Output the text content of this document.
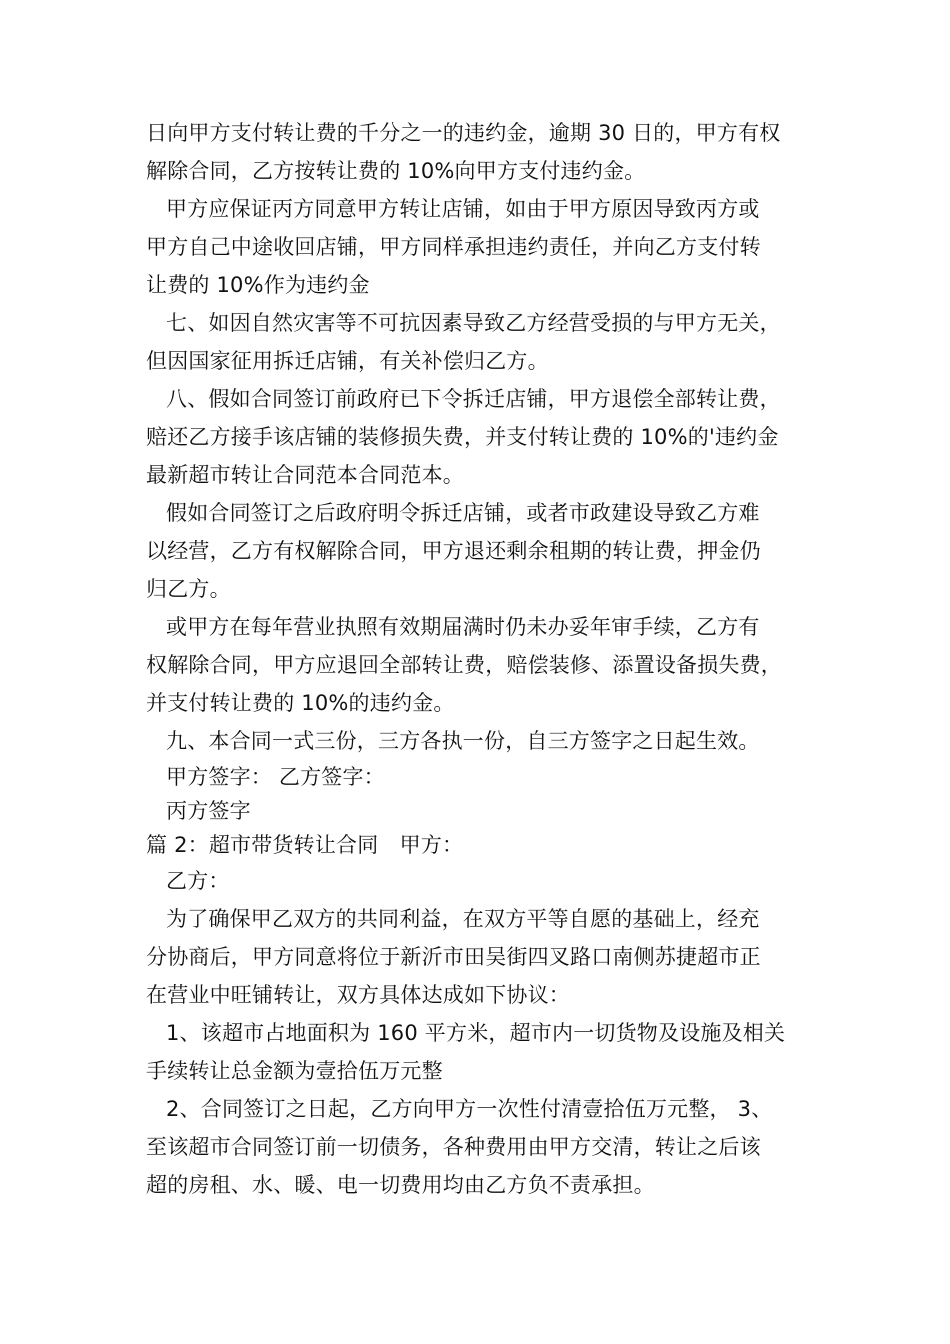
日向甲方支付转让费的千分之一的违约金，逾期 30 日的，甲方有权
解除合同，乙方按转让费的 10%向甲方支付违约金。
甲方应保证丙方同意甲方转让店铺，如由于甲方原因导致丙方或
甲方自己中途收回店铺，甲方同样承担违约责任，并向乙方支付转
让费的 10%作为违约金
七、如因自然灾害等不可抗因素导致乙方经营受损的与甲方无关，
但因国家征用拆迁店铺，有关补偿归乙方。
八、假如合同签订前政府已下令拆迁店铺，甲方退偿全部转让费，
赔还乙方接手该店铺的装修损失费，并支付转让费的 10%的'违约金
最新超市转让合同范本合同范本。
假如合同签订之后政府明令拆迁店铺，或者市政建设导致乙方难
以经营，乙方有权解除合同，甲方退还剩余租期的转让费，押金仍
归乙方。
或甲方在每年营业执照有效期届满时仍未办妥年审手续，乙方有
权解除合同，甲方应退回全部转让费，赔偿装修、添置设备损失费，
并支付转让费的 10%的违约金。
九、本合同一式三份，三方各执一份，自三方签字之日起生效。
甲方签字： 乙方签字：
丙方签字
篇 2：超市带货转让合同　甲方：
乙方：
为了确保甲乙双方的共同利益，在双方平等自愿的基础上，经充
分协商后，甲方同意将位于新沂市田吴街四叉路口南侧苏捷超市正
在营业中旺铺转让，双方具体达成如下协议：
1、该超市占地面积为 160 平方米，超市内一切货物及设施及相关
手续转让总金额为壹拾伍万元整
2、合同签订之日起，乙方向甲方一次性付清壹拾伍万元整， 3、
至该超市合同签订前一切债务，各种费用由甲方交清，转让之后该
超的房租、水、暖、电一切费用均由乙方负不责承担。
